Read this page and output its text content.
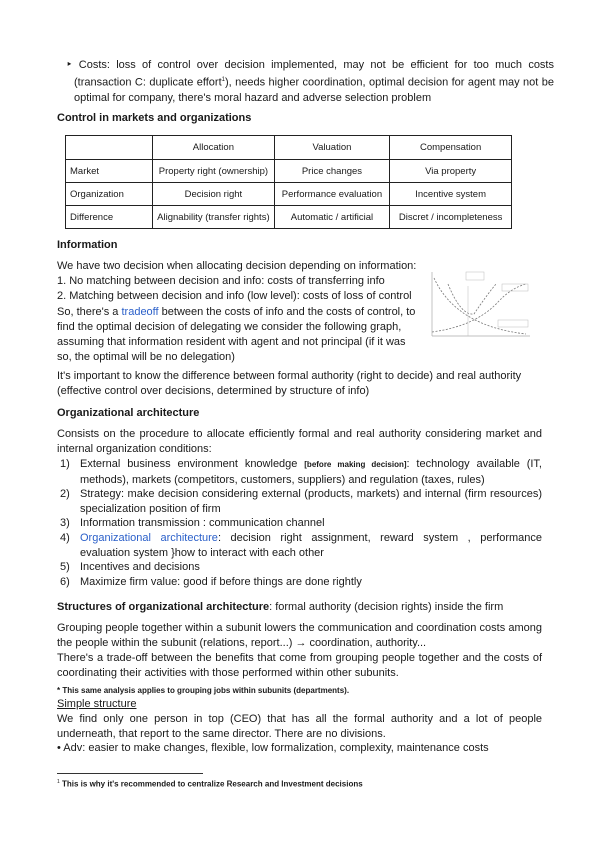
‣ Costs: loss of control over decision implemented, may not be efficient for too much costs (transaction C: duplicate effort$^1$), needs higher coordination, optimal decision for agent may not be optimal for company, there's moral hazard and adverse selection problem
Control in markets and organizations
	Allocation	Valuation	Compensation
Market	Property right (ownership)	Price changes	Via property
Organization	Decision right	Performance evaluation	Incentive system
Difference	Alignability (transfer rights)	Automatic / artificial	Discret / incompleteness
Information
We have two decision when allocating decision depending on information:
1. No matching between decision and info: costs of transferring info
2. Matching between decision and info (low level): costs of loss of control
So, there's a tradeoff between the costs of info and the costs of control, to find the optimal decision of delegating we consider the following graph, assuming that information resident with agent and not principal (if it was so, the optimal will be no delegation)
It's important to know the difference between formal authority (right to decide) and real authority (effective control over decisions, determined by structure of info)
Organizational architecture
Consists on the procedure to allocate efficiently formal and real authority considering market and internal organization conditions:
1) External business environment knowledge [before making decision]: technology available (IT, methods), markets (competitors, customers, suppliers) and regulation (taxes, rules)
2) Strategy: make decision considering external (products, markets) and internal (firm resources) specialization position of firm
3) Information transmission : communication channel
4) Organizational architecture: decision right assignment, reward system , performance evaluation system }how to interact with each other
5) Incentives and decisions
6) Maximize firm value: good if before things are done rightly
Structures of organizational architecture: formal authority (decision rights) inside the firm
Grouping people together within a subunit lowers the communication and coordination costs among the people within the subunit (relations, report...) → coordination, authority...
There's a trade-off between the benefits that come from grouping people together and the costs of coordinating their activities with those performed within other subunits.
* This same analysis applies to grouping jobs within subunits (departments).
Simple structure
We find only one person in top (CEO) that has all the formal authority and a lot of people underneath, that report to the same director. There are no divisions.
• Adv: easier to make changes, flexible, low formalization, complexity, maintenance costs
$^1$ This is why it's recommended to centralize Research and Investment decisions
